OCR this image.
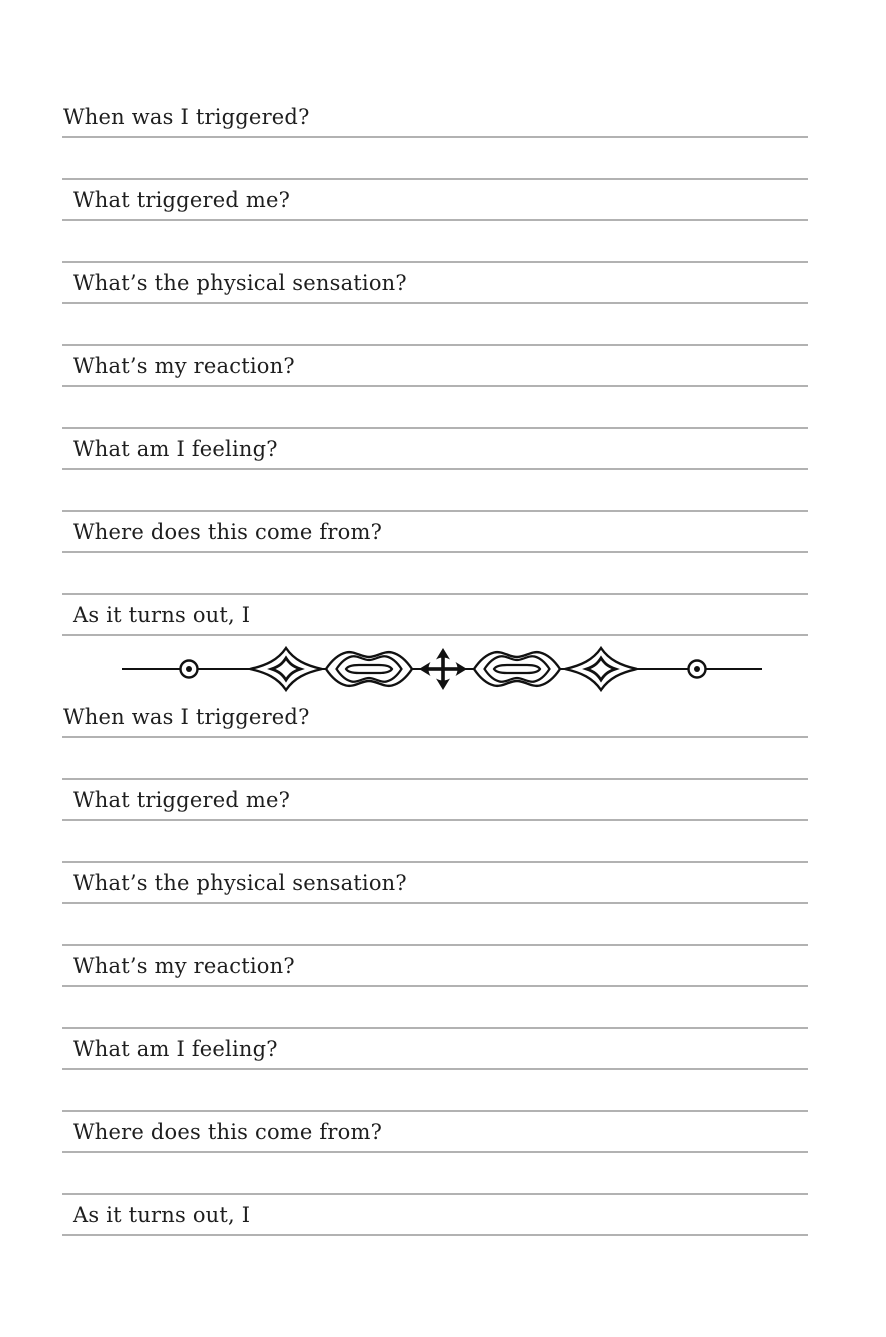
When was I triggered?
What triggered me?
What’s the physical sensation?
What’s my reaction?
What am I feeling?
Where does this come from?
As it turns out, I
When was I triggered?
What triggered me?
What’s the physical sensation?
What’s my reaction?
What am I feeling?
Where does this come from?
As it turns out, I
